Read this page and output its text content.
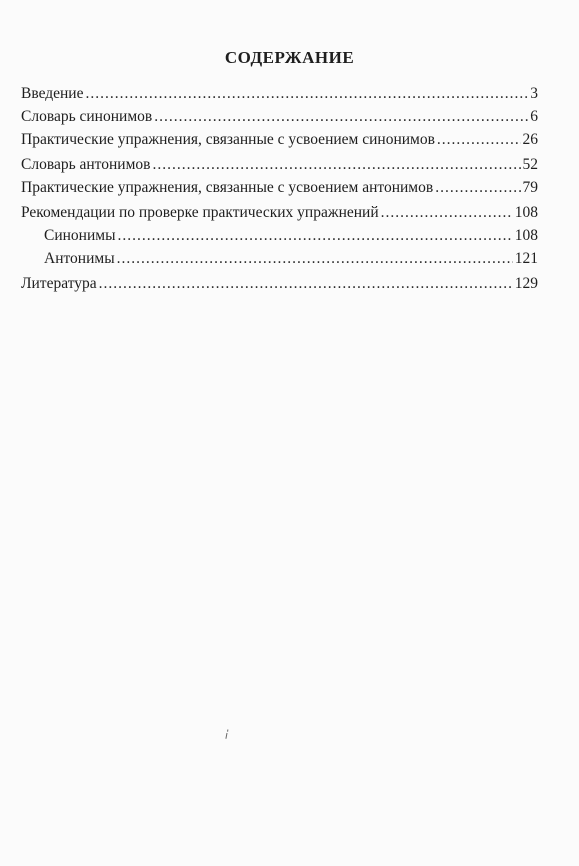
СОДЕРЖАНИЕ
Введение .....	3
Словарь синонимов .....	6
Практические упражнения, связанные с усвоением синонимов .....	26
Словарь антонимов .....	52
Практические упражнения, связанные с усвоением антонимов .....	79
Рекомендации по проверке практических упражнений .....	108
Синонимы .....	108
Антонимы .....	121
Литература .....	129
